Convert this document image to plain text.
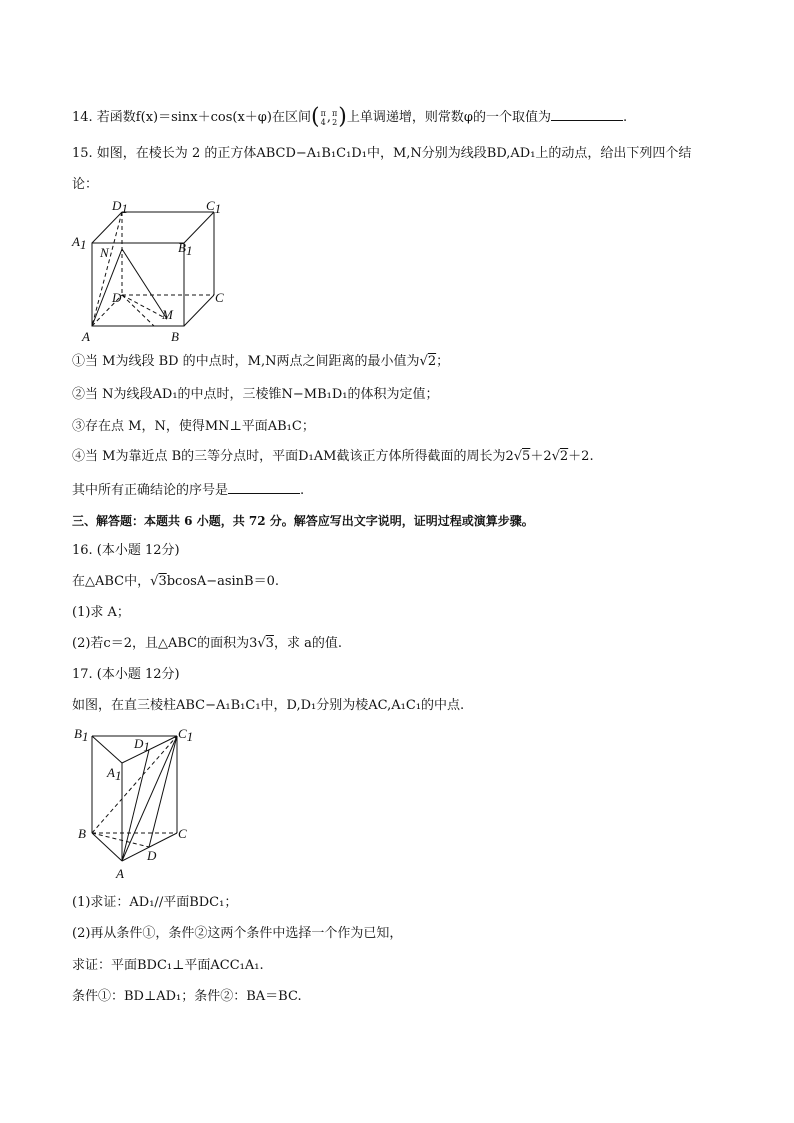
14. 若函数f(x)＝sinx＋cos(x＋φ)在区间( π
4 , π
2 )上单调递增，则常数φ的一个取值为	.
15. 如图，在棱长为 2 的正方体ABCD−A₁B₁C₁D₁中，M,N分别为线段BD,AD₁上的动点，给出下列四个结
论：
D1	C1
A1	B1
N
D	C
M
A	B
①当 M为线段 BD 的中点时，M,N两点之间距离的最小值为√2；
②当 N为线段AD₁的中点时，三棱锥N−MB₁D₁的体积为定值；
③存在点 M，N，使得MN⊥平面AB₁C；
④当 M为靠近点 B的三等分点时，平面D₁AM截该正方体所得截面的周长为2√5＋2√2＋2.
其中所有正确结论的序号是	.
三、解答题：本题共 6 小题，共 72 分。解答应写出文字说明，证明过程或演算步骤。
16. (本小题 12分)
在△ABC中，√3bcosA−asinB＝0.
(1)求 A；
(2)若c＝2，且△ABC的面积为3√3，求 a的值.
17. (本小题 12分)
如图，在直三棱柱ABC−A₁B₁C₁中，D,D₁分别为棱AC,A₁C₁的中点.
B1	D1
C1
A1
B	C
D
A
(1)求证：AD₁//平面BDC₁；
(2)再从条件①，条件②这两个条件中选择一个作为已知，
求证：平面BDC₁⊥平面ACC₁A₁.
条件①：BD⊥AD₁；条件②：BA＝BC.
